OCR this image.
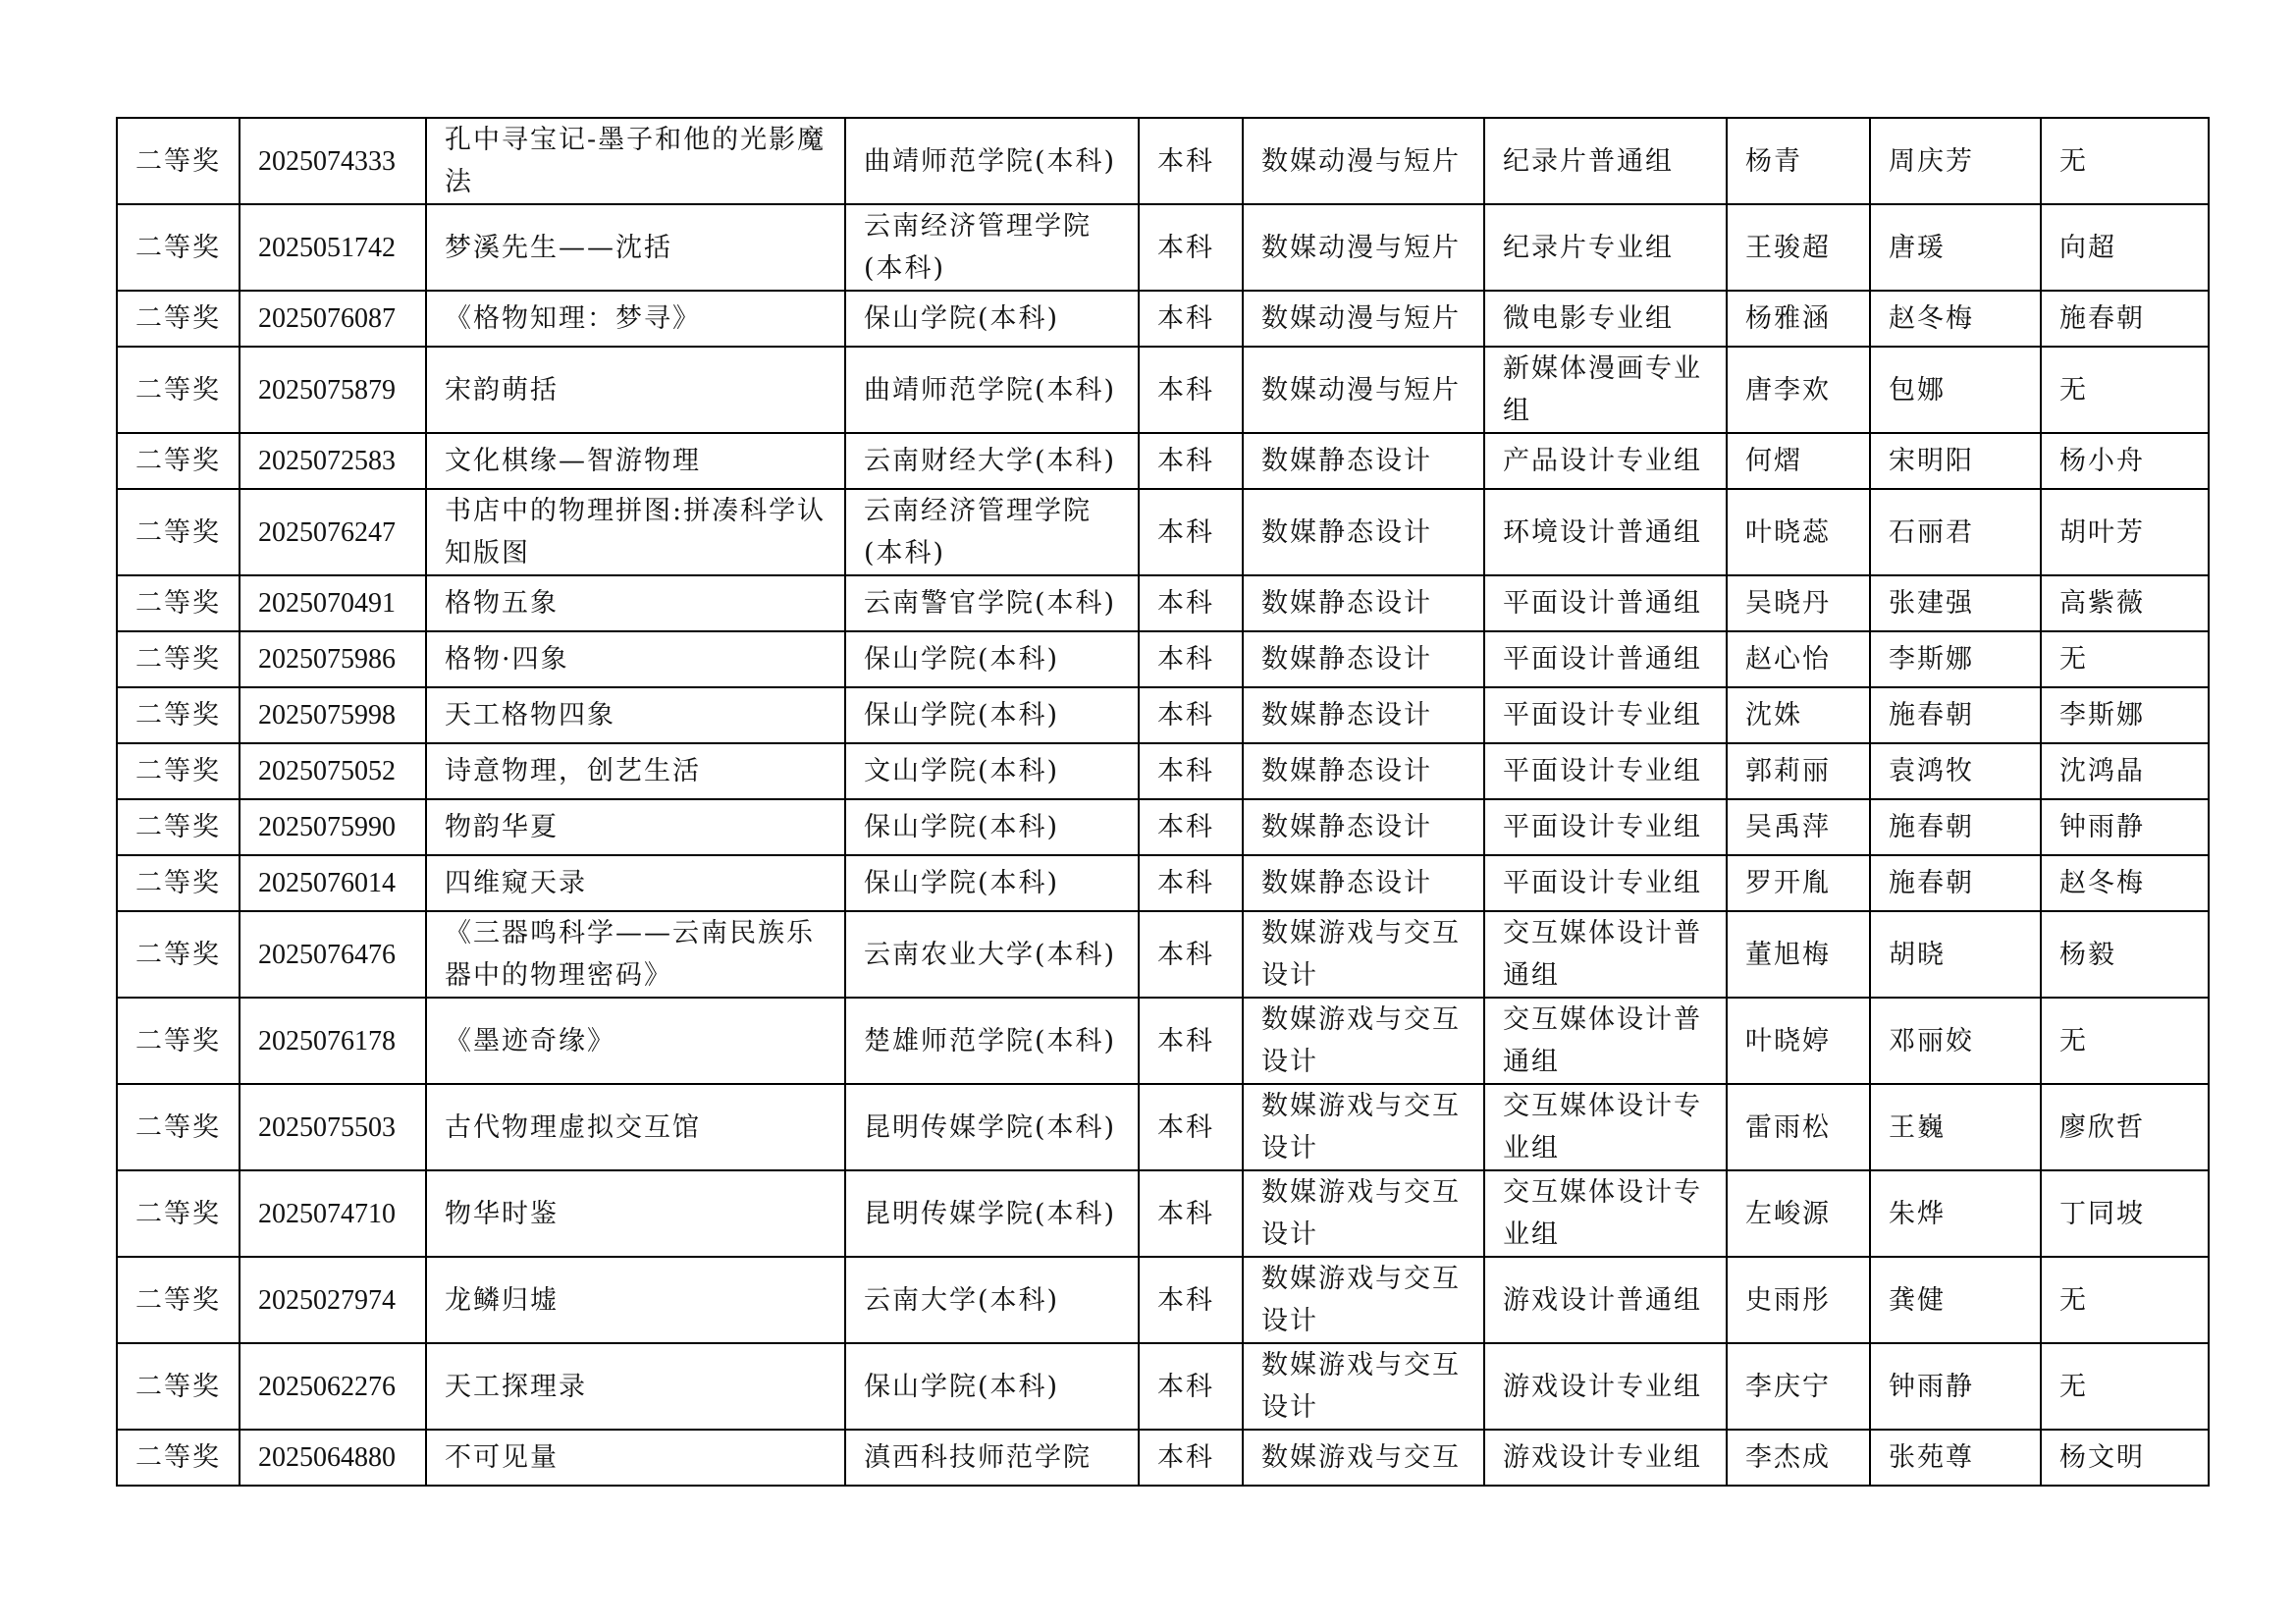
二等奖	2025074333	孔中寻宝记-墨子和他的光影魔法	曲靖师范学院(本科)	本科	数媒动漫与短片	纪录片普通组	杨青	周庆芳	无
二等奖	2025051742	梦溪先生——沈括	云南经济管理学院(本科)	本科	数媒动漫与短片	纪录片专业组	王骏超	唐瑗	向超
二等奖	2025076087	《格物知理：梦寻》	保山学院(本科)	本科	数媒动漫与短片	微电影专业组	杨雅涵	赵冬梅	施春朝
二等奖	2025075879	宋韵萌括	曲靖师范学院(本科)	本科	数媒动漫与短片	新媒体漫画专业组	唐李欢	包娜	无
二等奖	2025072583	文化棋缘—智游物理	云南财经大学(本科)	本科	数媒静态设计	产品设计专业组	何熠	宋明阳	杨小舟
二等奖	2025076247	书店中的物理拼图:拼凑科学认知版图	云南经济管理学院(本科)	本科	数媒静态设计	环境设计普通组	叶晓蕊	石丽君	胡叶芳
二等奖	2025070491	格物五象	云南警官学院(本科)	本科	数媒静态设计	平面设计普通组	吴晓丹	张建强	高紫薇
二等奖	2025075986	格物·四象	保山学院(本科)	本科	数媒静态设计	平面设计普通组	赵心怡	李斯娜	无
二等奖	2025075998	天工格物四象	保山学院(本科)	本科	数媒静态设计	平面设计专业组	沈姝	施春朝	李斯娜
二等奖	2025075052	诗意物理，创艺生活	文山学院(本科)	本科	数媒静态设计	平面设计专业组	郭莉丽	袁鸿牧	沈鸿晶
二等奖	2025075990	物韵华夏	保山学院(本科)	本科	数媒静态设计	平面设计专业组	吴禹萍	施春朝	钟雨静
二等奖	2025076014	四维窥天录	保山学院(本科)	本科	数媒静态设计	平面设计专业组	罗开胤	施春朝	赵冬梅
二等奖	2025076476	《三器鸣科学——云南民族乐器中的物理密码》	云南农业大学(本科)	本科	数媒游戏与交互设计	交互媒体设计普通组	董旭梅	胡晓	杨毅
二等奖	2025076178	《墨迹奇缘》	楚雄师范学院(本科)	本科	数媒游戏与交互设计	交互媒体设计普通组	叶晓婷	邓丽姣	无
二等奖	2025075503	古代物理虚拟交互馆	昆明传媒学院(本科)	本科	数媒游戏与交互设计	交互媒体设计专业组	雷雨松	王巍	廖欣哲
二等奖	2025074710	物华时鉴	昆明传媒学院(本科)	本科	数媒游戏与交互设计	交互媒体设计专业组	左峻源	朱烨	丁同坡
二等奖	2025027974	龙鳞归墟	云南大学(本科)	本科	数媒游戏与交互设计	游戏设计普通组	史雨彤	龚健	无
二等奖	2025062276	天工探理录	保山学院(本科)	本科	数媒游戏与交互设计	游戏设计专业组	李庆宁	钟雨静	无
二等奖	2025064880	不可见量	滇西科技师范学院	本科	数媒游戏与交互	游戏设计专业组	李杰成	张苑尊	杨文明
